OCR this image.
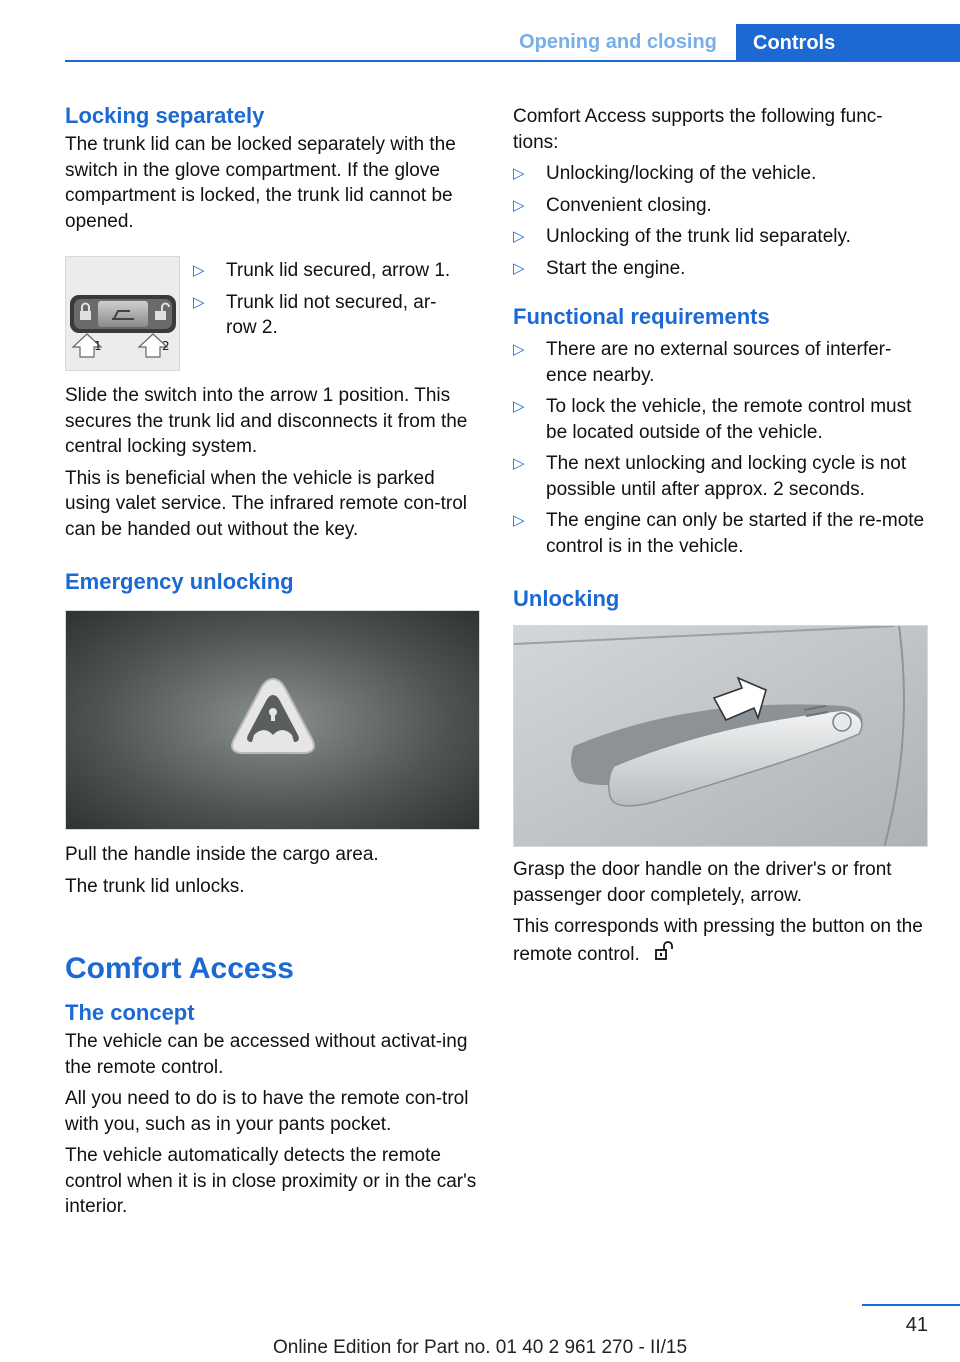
Opening and closing	Controls
Locking separately
The trunk lid can be locked separately with the switch in the glove compartment. If the glove compartment is locked, the trunk lid cannot be opened.
1	2
▷ Trunk lid secured, arrow 1.
▷ Trunk lid not secured, ar‐row 2.
Slide the switch into the arrow 1 position. This secures the trunk lid and disconnects it from the central locking system.
This is beneficial when the vehicle is parked using valet service. The infrared remote con‐trol can be handed out without the key.
Emergency unlocking
Pull the handle inside the cargo area.
The trunk lid unlocks.
Comfort Access
The concept
The vehicle can be accessed without activat‐ing the remote control.
All you need to do is to have the remote con‐trol with you, such as in your pants pocket.
The vehicle automatically detects the remote control when it is in close proximity or in the car's interior.
Comfort Access supports the following func‐tions:
▷ Unlocking/locking of the vehicle.
▷ Convenient closing.
▷ Unlocking of the trunk lid separately.
▷ Start the engine.
Functional requirements
▷ There are no external sources of interfer‐ence nearby.
▷ To lock the vehicle, the remote control must be located outside of the vehicle.
▷ The next unlocking and locking cycle is not possible until after approx. 2 seconds.
▷ The engine can only be started if the re‐mote control is in the vehicle.
Unlocking
Grasp the door handle on the driver's or front passenger door completely, arrow.
This corresponds with pressing the button on the remote control.
41
Online Edition for Part no. 01 40 2 961 270 - II/15
